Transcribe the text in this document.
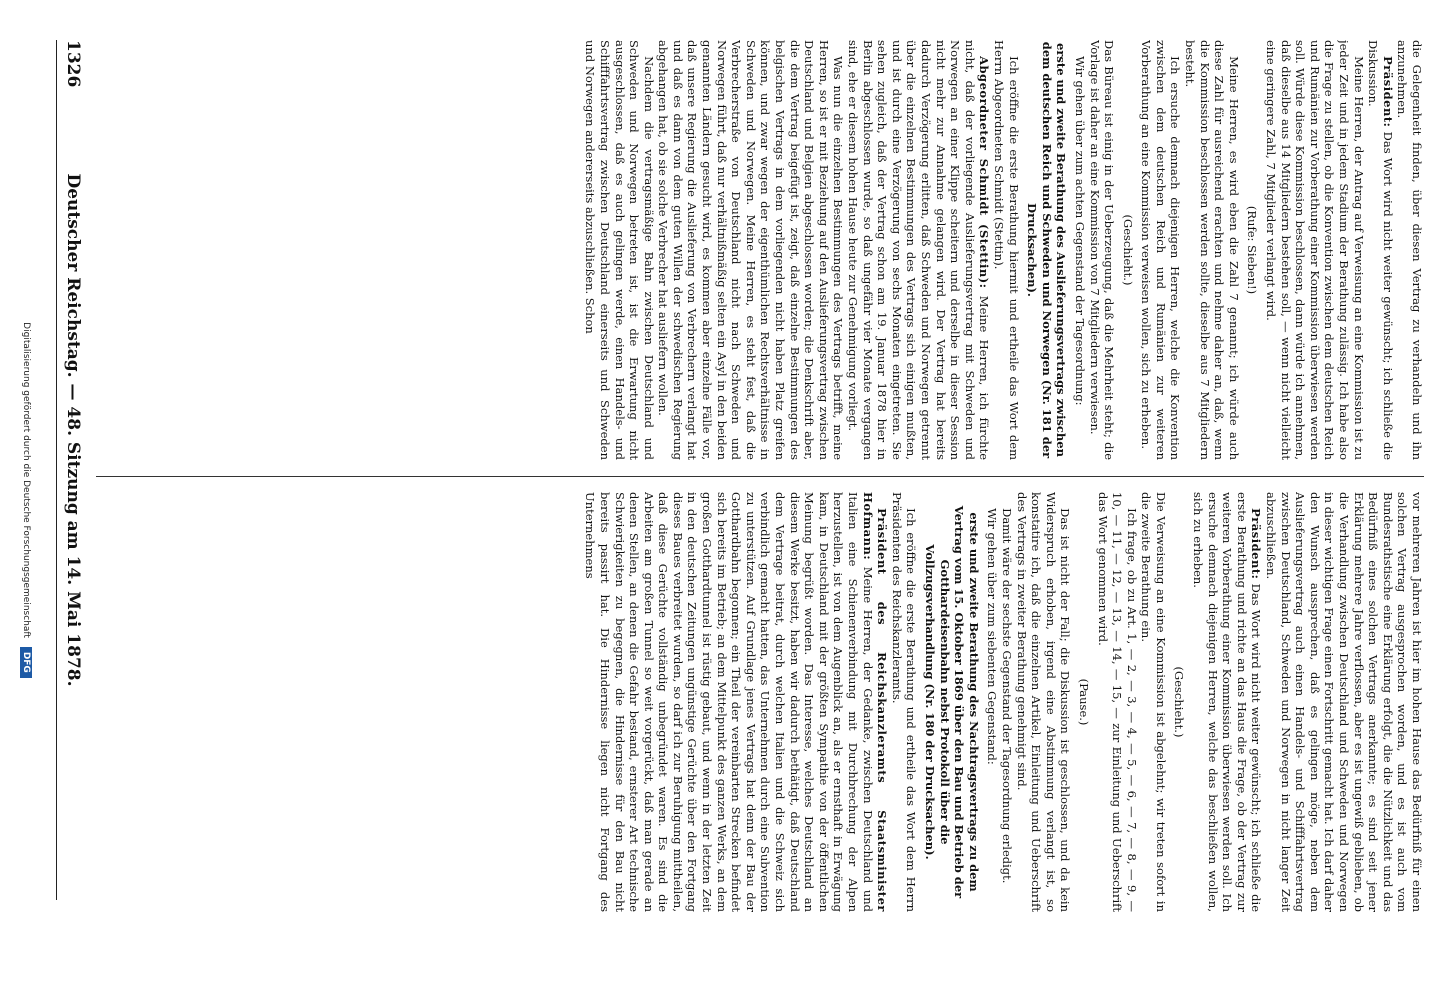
1326
Deutscher Reichstag. — 48. Sitzung am 14. Mai 1878.	die Gelegenheit finden, über diesen Vertrag zu verhandeln und ihn anzunehmen.

Präsident: Das Wort wird nicht weiter gewünscht; ich schließe die Diskussion.

Meine Herren, der Antrag auf Verweisung an eine Kommission ist zu jeder Zeit und in jedem Stadium der Berathung zulässig. Ich habe also die Frage zu stellen, ob die Konvention zwischen dem deutschen Reich und Rumänien zur Vorberathung einer Kommission überwiesen werden soll. Würde diese Kommission beschlossen, dann würde ich annehmen, daß dieselbe aus 14 Mitgliedern bestehen soll, — wenn nicht vielleicht eine geringere Zahl, 7 Mitglieder verlangt wird.

(Rufe: Sieben!)

Meine Herren, es wird eben die Zahl 7 genannt; ich würde auch diese Zahl für ausreichend erachten und nehme daher an, daß, wenn die Kommission beschlossen werden sollte, dieselbe aus 7 Mitgliedern besteht.

Ich ersuche demnach diejenigen Herren, welche die Konvention zwischen dem deutschen Reich und Rumänien zur weiteren Vorberathung an eine Kommission verweisen wollen, sich zu erheben.

(Geschieht.)

Das Büreau ist einig in der Ueberzeugung, daß die Mehrheit steht; die Vorlage ist daher an eine Kommission von 7 Mitgliedern verwiesen.

Wir gehen über zum achten Gegenstand der Tagesordnung:

erste und zweite Berathung des Auslieferungsvertrags zwischen dem deutschen Reich und Schweden und Norwegen (Nr. 181 der Drucksachen).

Ich eröffne die erste Berathung hiermit und ertheile das Wort dem Herrn Abgeordneten Schmidt (Stettin).

Abgeordneter Schmidt (Stettin): Meine Herren, ich fürchte nicht, daß der vorliegende Auslieferungsvertrag mit Schweden und Norwegen an einer Klippe scheitern und derselbe in dieser Session nicht mehr zur Annahme gelangen wird. Der Vertrag hat bereits dadurch Verzögerung erlitten, daß Schweden und Norwegen getrennt über die einzelnen Bestimmungen des Vertrags sich einigen mußten, und ist durch eine Verzögerung von sechs Monaten eingetreten. Sie sehen zugleich, daß der Vertrag schon am 19. Januar 1878 hier in Berlin abgeschlossen wurde, so daß ungefähr vier Monate vergangen sind, ehe er diesem hohen Hause heute zur Genehmigung vorliegt.

Was nun die einzelnen Bestimmungen des Vertrags betrifft, meine Herren, so ist er mit Beziehung auf den Auslieferungsvertrag zwischen Deutschland und Belgien abgeschlossen worden; die Denkschrift aber, die dem Vertrag beigefügt ist, zeigt, daß einzelne Bestimmungen des belgischen Vertrags in dem vorliegenden nicht haben Platz greifen können, und zwar wegen der eigenthümlichen Rechtsverhältnisse in Schweden und Norwegen. Meine Herren, es steht fest, daß die Verbrecherstraße von Deutschland nicht nach Schweden und Norwegen führt, daß nur verhältnißmäßig selten ein Asyl in den beiden genannten Ländern gesucht wird, es kommen aber einzelne Fälle vor, daß unsere Regierung die Auslieferung von Verbrechern verlangt hat und daß es dann von dem guten Willen der schwedischen Regierung abgehangen hat, ob sie solche Verbrecher hat ausliefern wollen.

Nachdem die vertragsmäßige Bahn zwischen Deutschland und Schweden und Norwegen betreten ist, ist die Erwartung nicht ausgeschlossen, daß es auch gelingen werde, einen Handels- und Schifffahrtsvertrag zwischen Deutschland einerseits und Schweden und Norwegen andererseits abzuschließen. Schon

vor mehreren Jahren ist hier im hohen Hause das Bedürfniß für einen solchen Vertrag ausgesprochen worden, und es ist auch vom Bundesrathstische eine Erklärung erfolgt, die die Nützlichkeit und das Bedürfniß eines solchen Vertrags anerkannte; es sind seit jener Erklärung mehrere Jahre verflossen, aber es ist ungewiß geblieben, ob die Verhandlung zwischen Deutschland und Schweden und Norwegen in dieser wichtigen Frage einen Fortschritt gemacht hat. Ich darf daher den Wunsch aussprechen, daß es gelingen möge, neben dem Auslieferungsvertrag auch einen Handels- und Schifffahrtsvertrag zwischen Deutschland, Schweden und Norwegen in nicht langer Zeit abzuschließen.

Präsident: Das Wort wird nicht weiter gewünscht; ich schließe die erste Berathung und richte an das Haus die Frage, ob der Vertrag zur weiteren Vorberathung einer Kommission überwiesen werden soll. Ich ersuche demnach diejenigen Herren, welche das beschließen wollen, sich zu erheben.

(Geschieht.)

Die Verweisung an eine Kommission ist abgelehnt; wir treten sofort in die zweite Berathung ein.

Ich frage, ob zu Art. 1, — 2, — 3, — 4, — 5, — 6, — 7, — 8, — 9, — 10, — 11, — 12, — 13, — 14, — 15, — zur Einleitung und Ueberschrift das Wort genommen wird.

(Pause.)

Das ist nicht der Fall; die Diskussion ist geschlossen, und da kein Widerspruch erhoben, irgend eine Abstimmung verlangt ist, so konstatire ich, daß die einzelnen Artikel, Einleitung und Ueberschrift des Vertrags in zweiter Berathung genehmigt sind.

Damit wäre der sechste Gegenstand der Tagesordnung erledigt.

Wir gehen über zum siebenten Gegenstand:

erste und zweite Berathung des Nachtragsvertrags zu dem Vertrag vom 15. Oktober 1869 über den Bau und Betrieb der Gotthardeisenbahn nebst Protokoll über die Vollzugsverhandlung (Nr. 180 der Drucksachen).

Ich eröffne die erste Berathung und ertheile das Wort dem Herrn Präsidenten des Reichskanzleramts.

Präsident des Reichskanzleramts Staatsminister Hofmann: Meine Herren, der Gedanke, zwischen Deutschland und Italien eine Schienenverbindung mit Durchbrechung der Alpen herzustellen, ist von dem Augenblick an, als er ernsthaft in Erwägung kam, in Deutschland mit der größten Sympathie von der öffentlichen Meinung begrüßt worden. Das Interesse, welches Deutschland an diesem Werke besitzt, haben wir dadurch bethätigt, daß Deutschland dem Vertrage beitrat, durch welchen Italien und die Schweiz sich verbindlich gemacht hatten, das Unternehmen durch eine Subvention zu unterstützen. Auf Grundlage jenes Vertrags hat denn der Bau der Gotthardbahn begonnen; ein Theil der vereinbarten Strecken befindet sich bereits im Betrieb; an dem Mittelpunkt des ganzen Werks, an dem großen Gotthardtunnel ist rüstig gebaut, und wenn in der letzten Zeit in den deutschen Zeitungen ungünstige Gerüchte über den Fortgang dieses Baues verbreitet wurden, so darf ich zur Beruhigung mittheilen, daß diese Gerüchte vollständig unbegründet waren. Es sind die Arbeiten am großen Tunnel so weit vorgerückt, daß man gerade an denen Stellen, an denen die Gefahr bestand, ernsterer Art technische Schwierigkeiten zu begegnen, die Hindernisse für den Bau nicht bereits passirt hat. Die Hindernisse liegen nicht Fortgang des Unternehmens

Digitalisierung gefördert durch die Deutsche Forschungsgemeinschaft DFG
